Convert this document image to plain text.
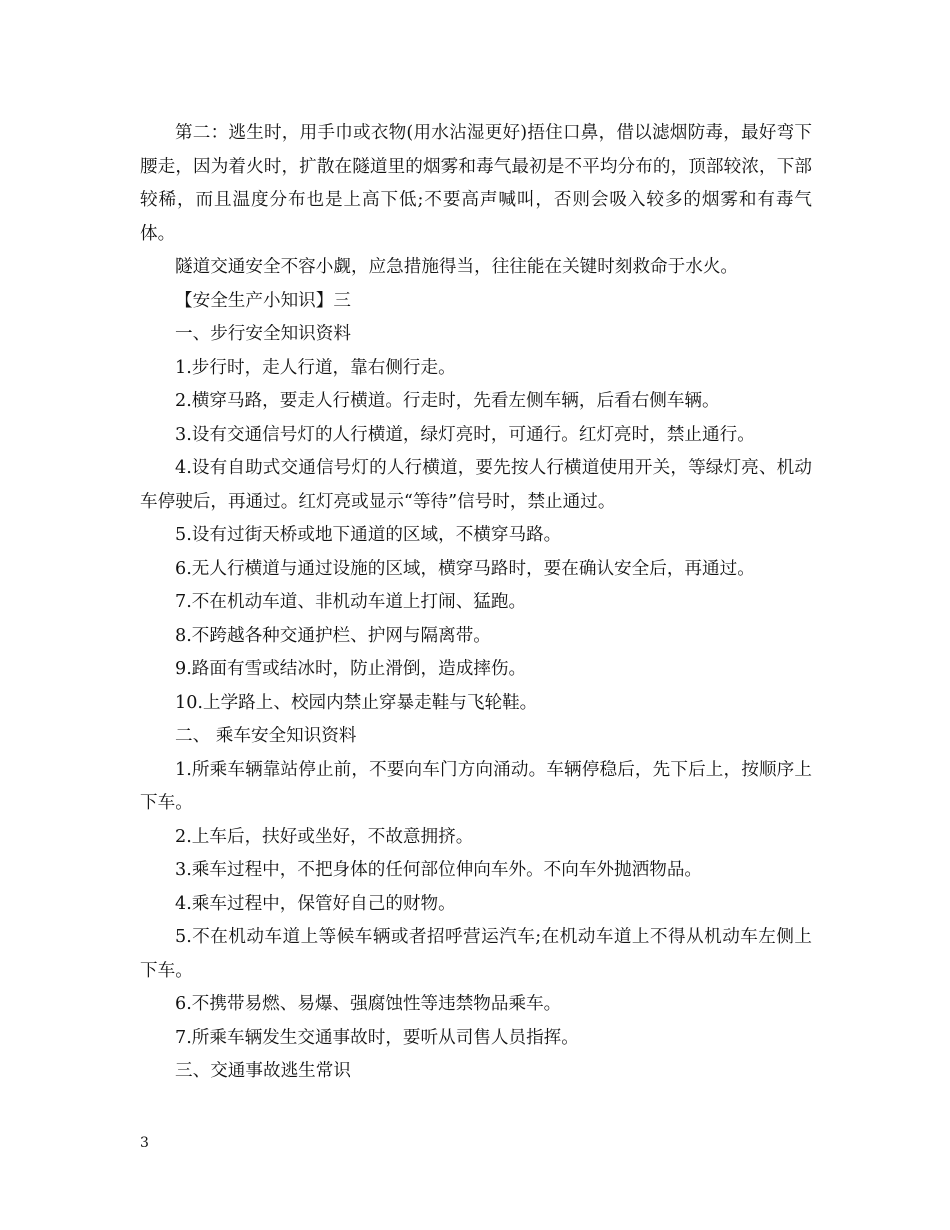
第二：逃生时，用手巾或衣物(用水沾湿更好)捂住口鼻，借以滤烟防毒，最好弯下腰走，因为着火时，扩散在隧道里的烟雾和毒气最初是不平均分布的，顶部较浓，下部较稀，而且温度分布也是上高下低;不要高声喊叫，否则会吸入较多的烟雾和有毒气体。

隧道交通安全不容小觑，应急措施得当，往往能在关键时刻救命于水火。

【安全生产小知识】三

一、步行安全知识资料

1.步行时，走人行道，靠右侧行走。

2.横穿马路，要走人行横道。行走时，先看左侧车辆，后看右侧车辆。

3.设有交通信号灯的人行横道，绿灯亮时，可通行。红灯亮时，禁止通行。

4.设有自助式交通信号灯的人行横道，要先按人行横道使用开关，等绿灯亮、机动车停驶后，再通过。红灯亮或显示“等待”信号时，禁止通过。

5.设有过街天桥或地下通道的区域，不横穿马路。

6.无人行横道与通过设施的区域，横穿马路时，要在确认安全后，再通过。

7.不在机动车道、非机动车道上打闹、猛跑。

8.不跨越各种交通护栏、护网与隔离带。

9.路面有雪或结冰时，防止滑倒，造成摔伤。

10.上学路上、校园内禁止穿暴走鞋与飞轮鞋。

二、 乘车安全知识资料

1.所乘车辆靠站停止前，不要向车门方向涌动。车辆停稳后，先下后上，按顺序上下车。

2.上车后，扶好或坐好，不故意拥挤。

3.乘车过程中，不把身体的任何部位伸向车外。不向车外抛洒物品。

4.乘车过程中，保管好自己的财物。

5.不在机动车道上等候车辆或者招呼营运汽车;在机动车道上不得从机动车左侧上下车。

6.不携带易燃、易爆、强腐蚀性等违禁物品乘车。

7.所乘车辆发生交通事故时，要听从司售人员指挥。

三、交通事故逃生常识

3
